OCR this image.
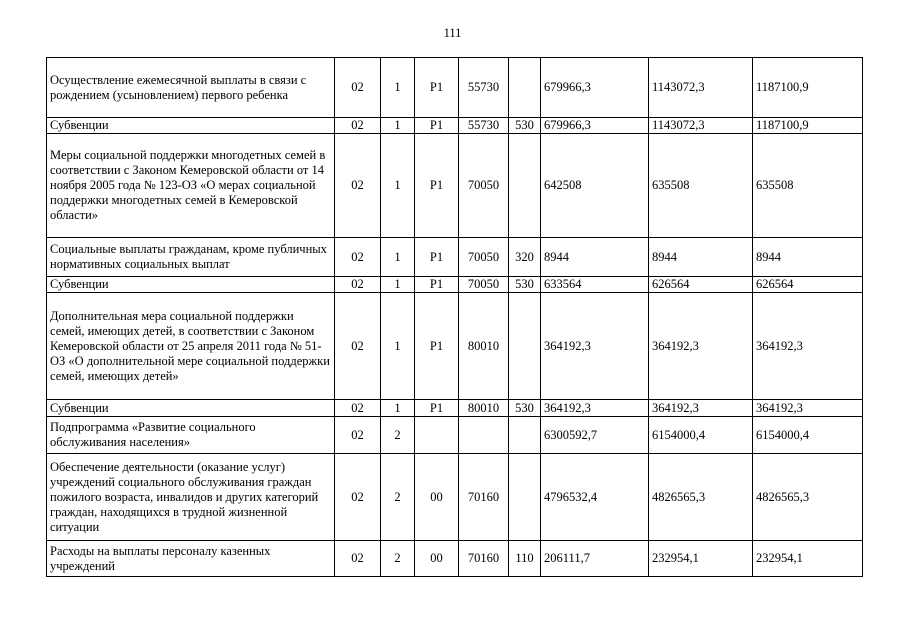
111
Осуществление ежемесячной выплаты в связи с рождением (усыновлением) первого ребенка	02	1	Р1	55730		679966,3	1143072,3	1187100,9
Субвенции	02	1	Р1	55730	530	679966,3	1143072,3	1187100,9
Меры социальной поддержки многодетных семей в соответствии с Законом Кемеровской области от 14 ноября 2005 года № 123-ОЗ «О мерах социальной поддержки многодетных семей в Кемеровской области»	02	1	Р1	70050		642508	635508	635508
Социальные выплаты гражданам, кроме публичных нормативных социальных выплат	02	1	Р1	70050	320	8944	8944	8944
Субвенции	02	1	Р1	70050	530	633564	626564	626564
Дополнительная мера социальной поддержки семей, имеющих детей, в соответствии с Законом Кемеровской области от 25 апреля 2011 года № 51-ОЗ «О дополнительной мере социальной поддержки семей, имеющих детей»	02	1	Р1	80010		364192,3	364192,3	364192,3
Субвенции	02	1	Р1	80010	530	364192,3	364192,3	364192,3
Подпрограмма «Развитие социального обслуживания населения»	02	2				6300592,7	6154000,4	6154000,4
Обеспечение деятельности (оказание услуг) учреждений социального обслуживания граждан пожилого возраста, инвалидов и других категорий граждан, находящихся в трудной жизненной ситуации	02	2	00	70160		4796532,4	4826565,3	4826565,3
Расходы на выплаты персоналу казенных учреждений	02	2	00	70160	110	206111,7	232954,1	232954,1
